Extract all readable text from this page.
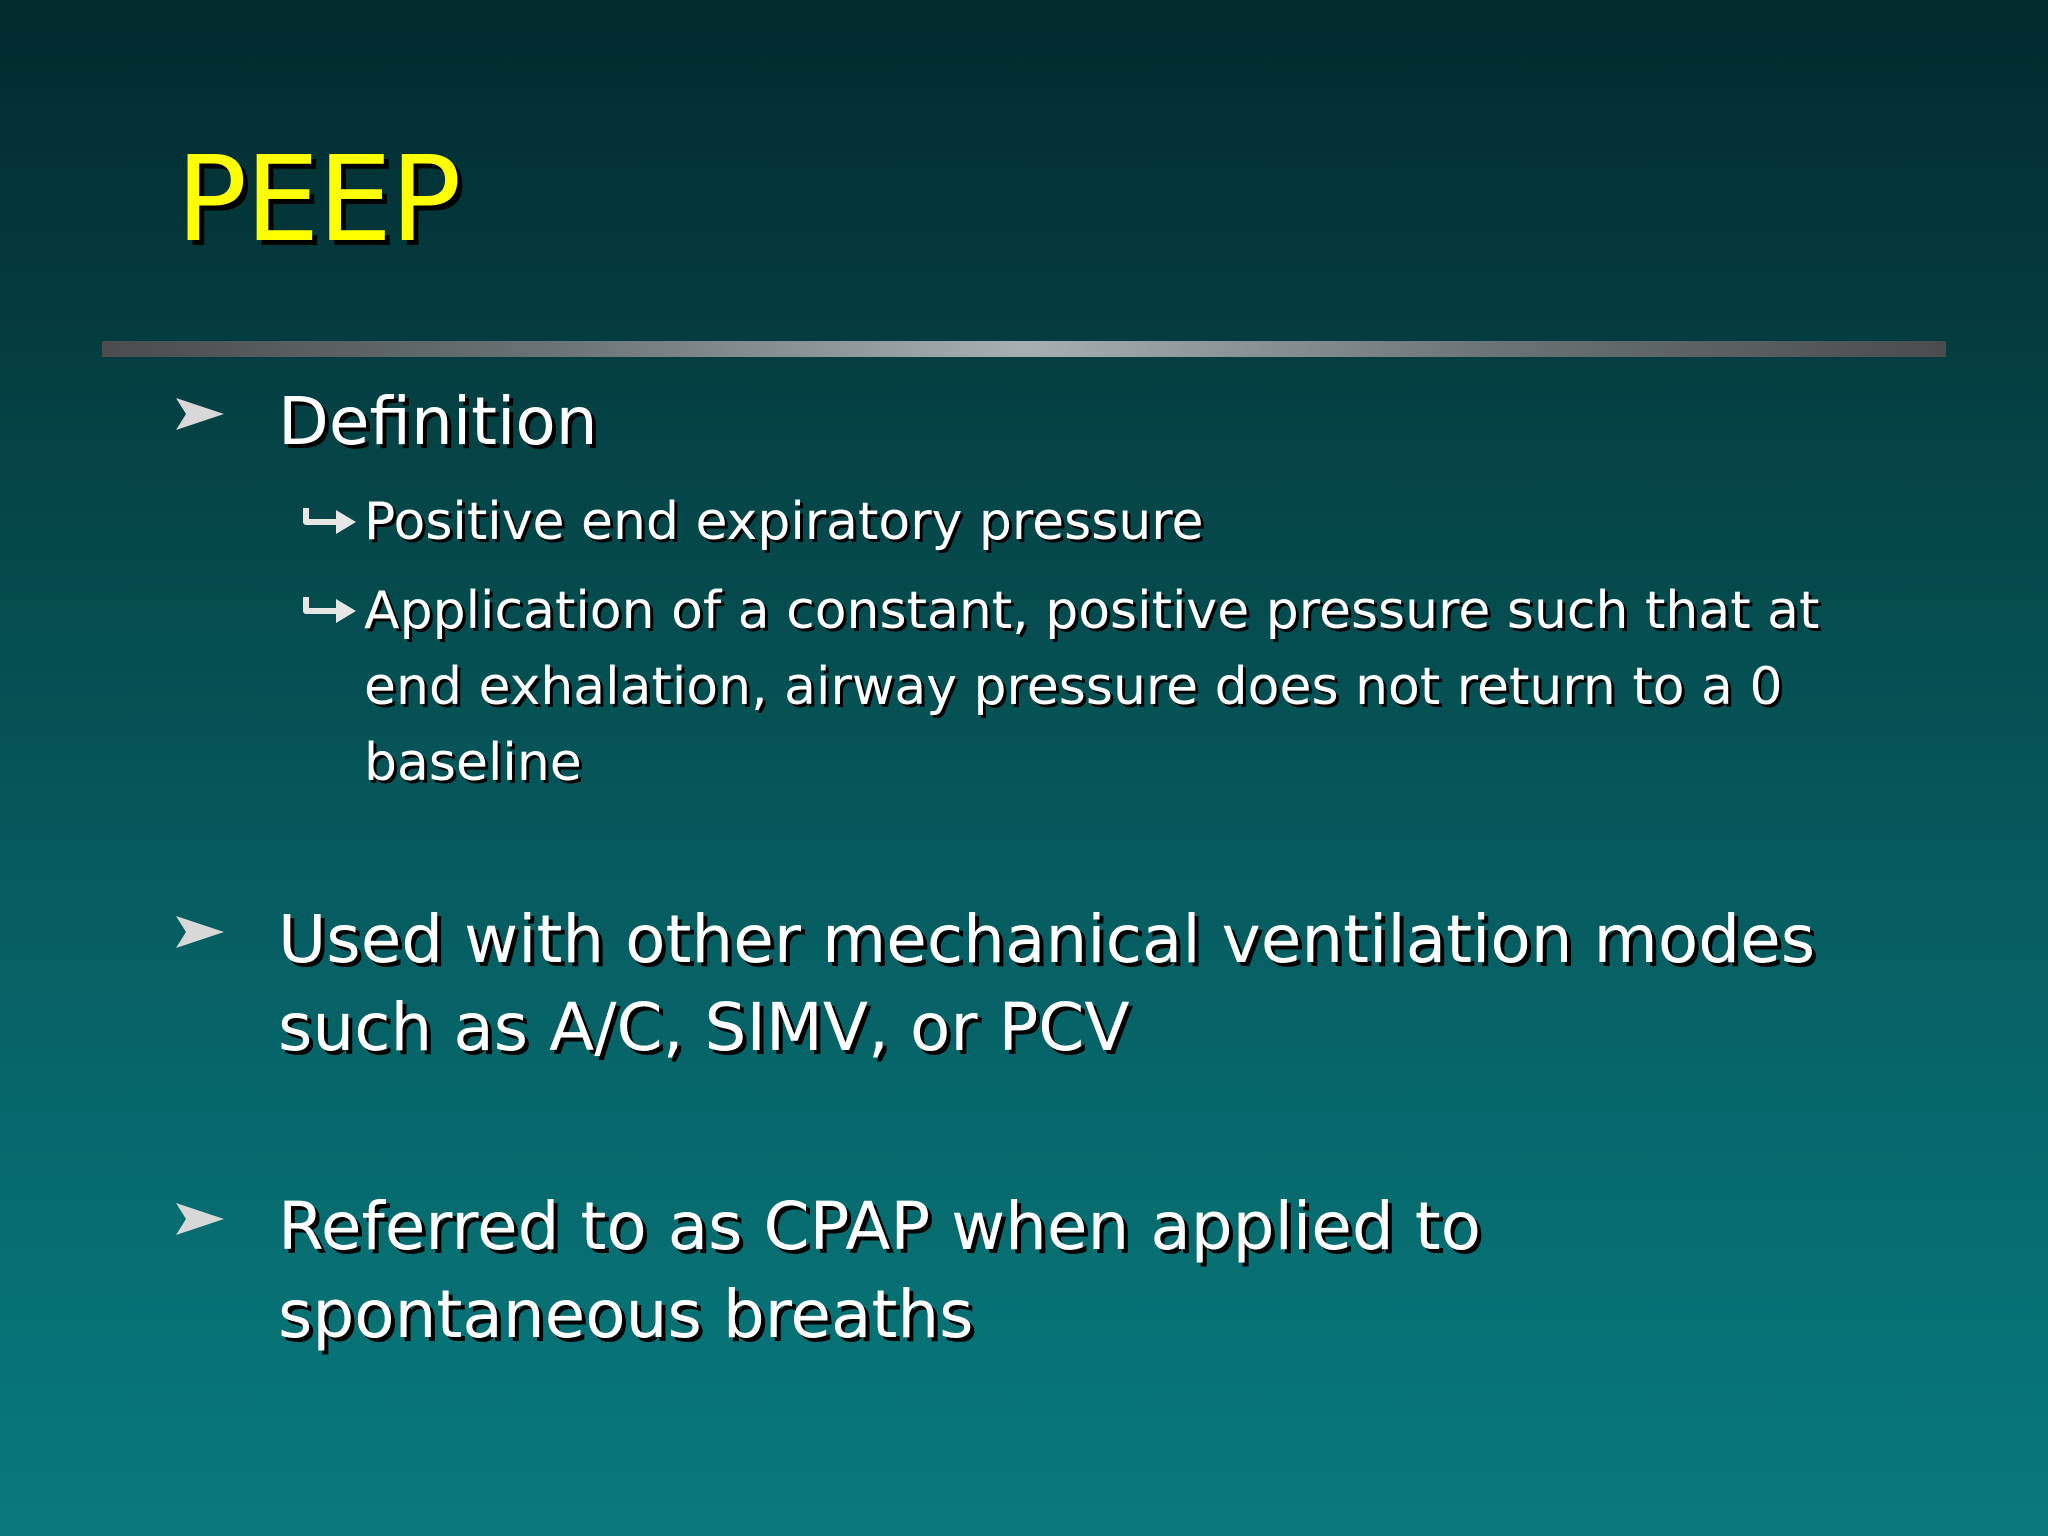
PEEP
Definition
Positive end expiratory pressure
Application of a constant, positive pressure such that at end exhalation, airway pressure does not return to a 0 baseline
Used with other mechanical ventilation modes such as A/C, SIMV, or PCV
Referred to as CPAP when applied to spontaneous breaths
